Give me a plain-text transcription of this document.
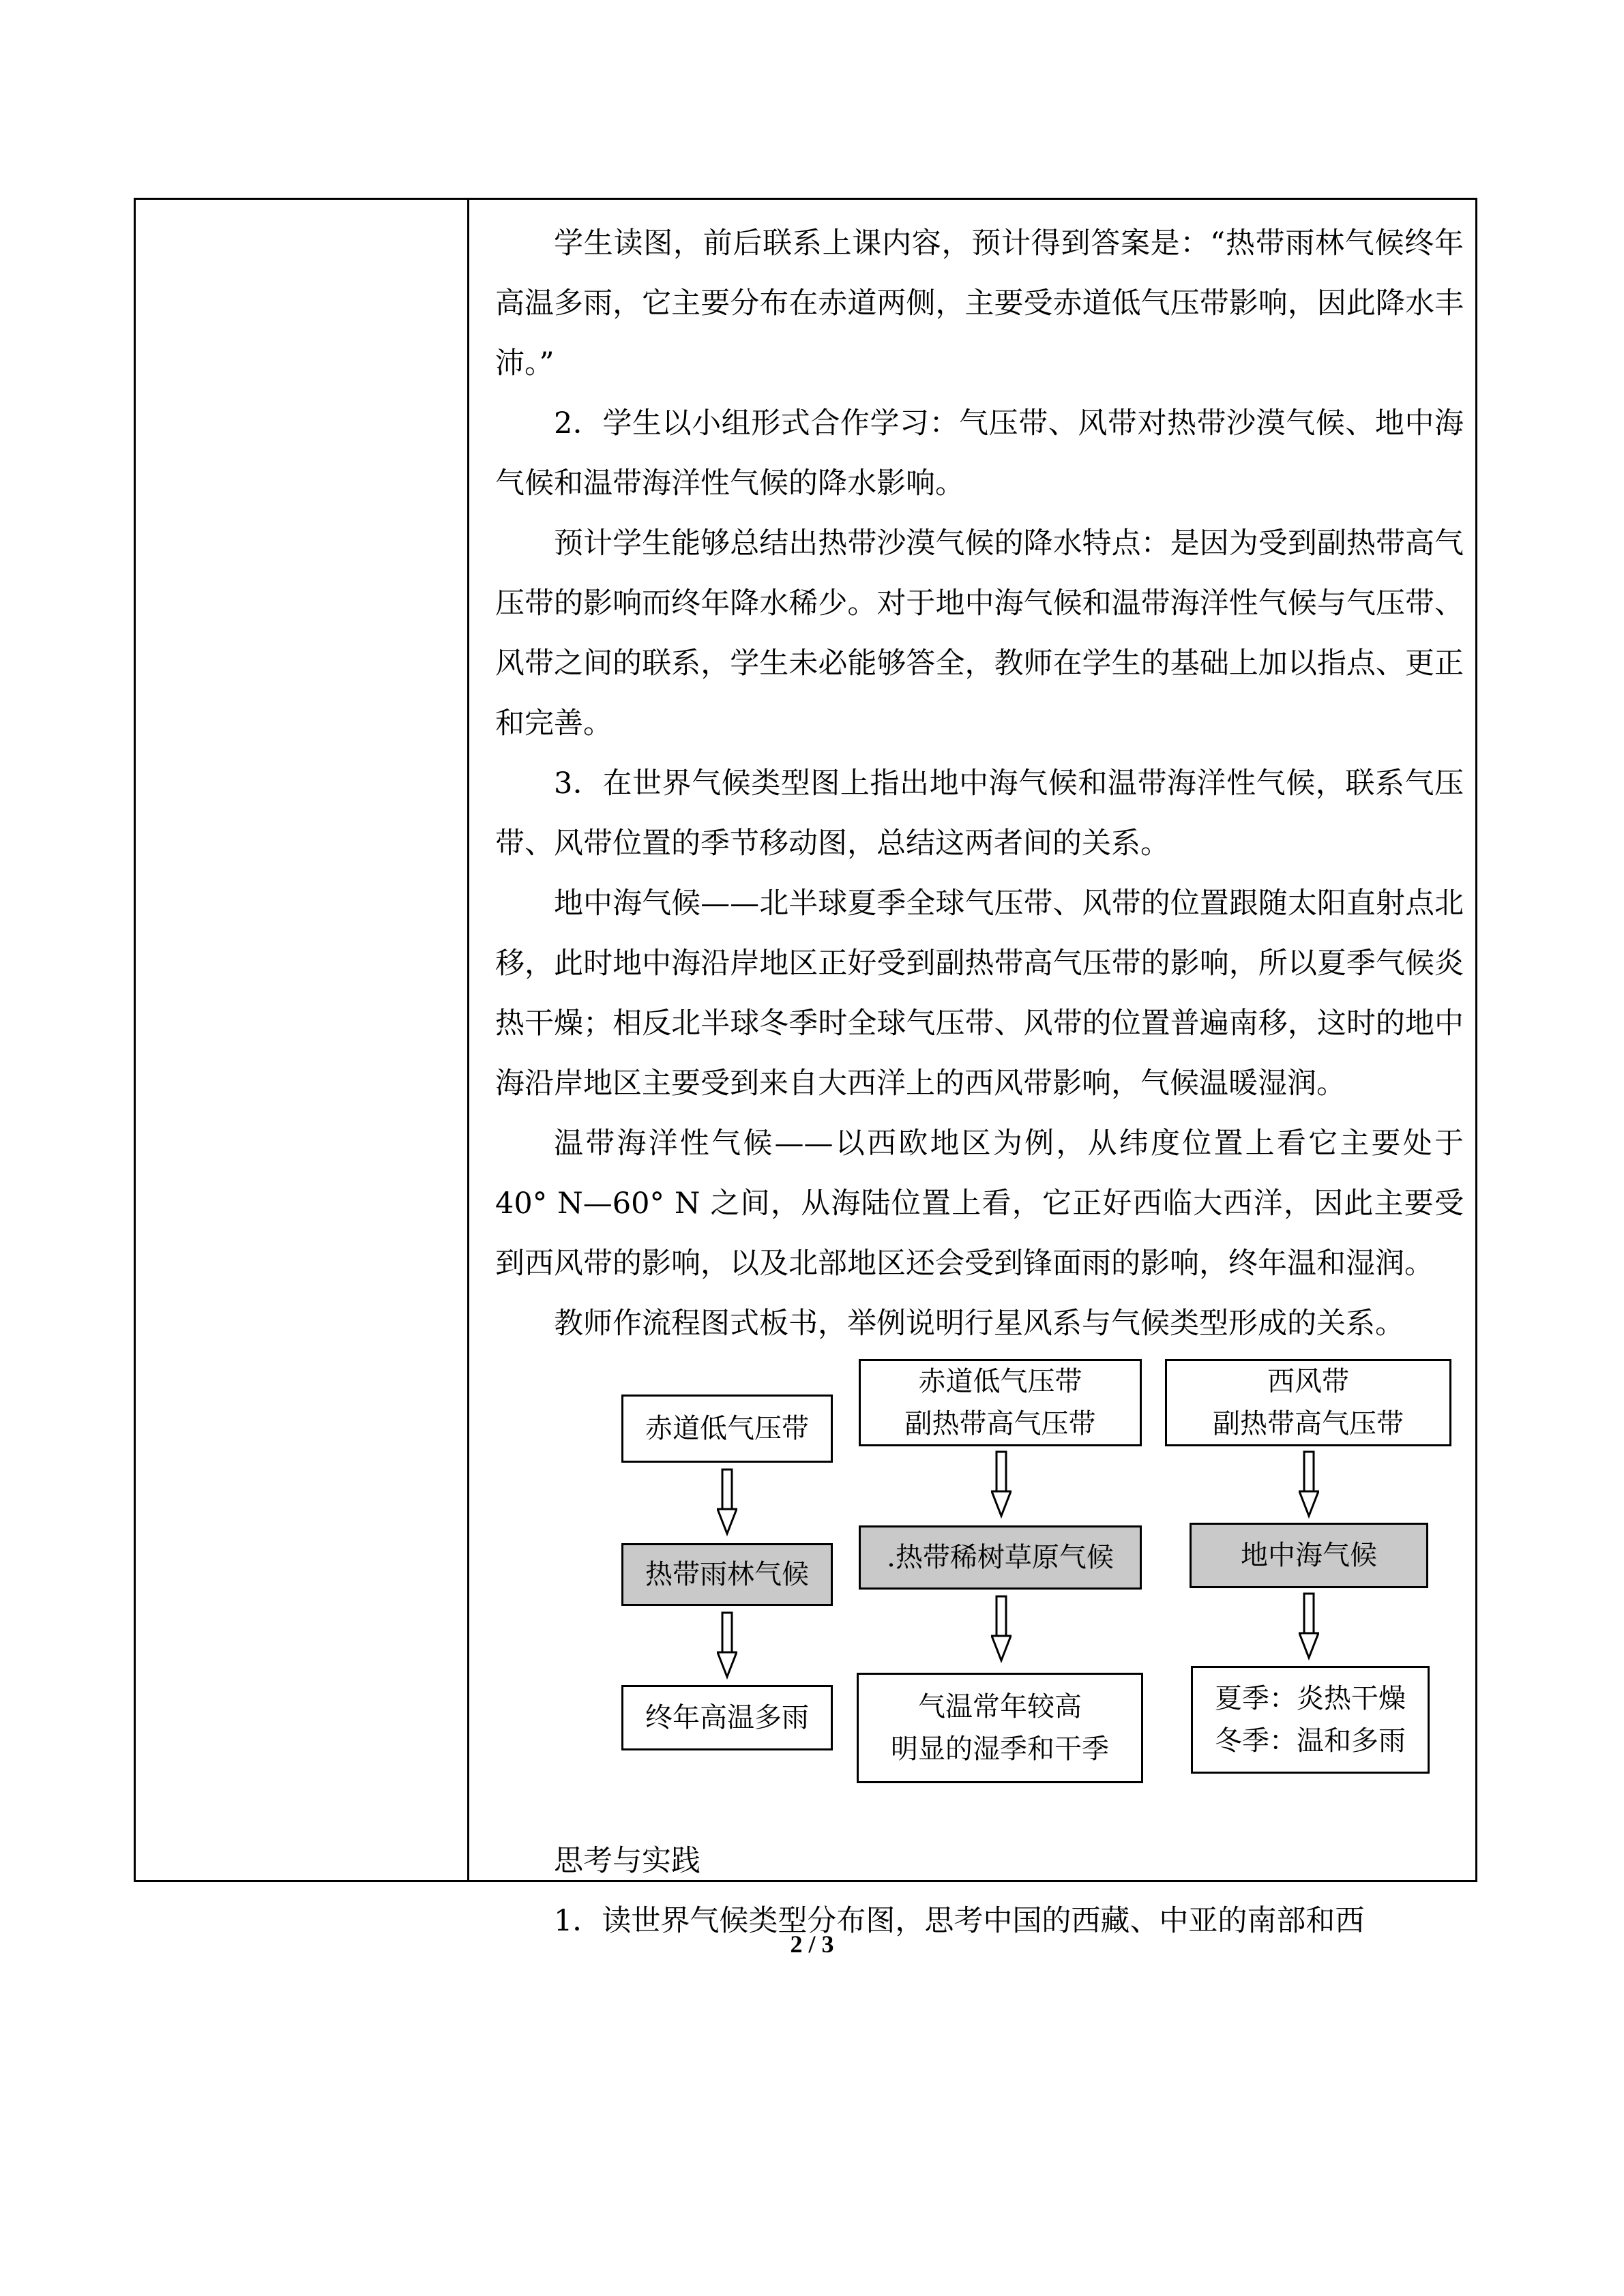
学生读图，前后联系上课内容，预计得到答案是：“热带雨林气候终年高温多雨，它主要分布在赤道两侧，主要受赤道低气压带影响，因此降水丰沛。”

2．学生以小组形式合作学习：气压带、风带对热带沙漠气候、地中海气候和温带海洋性气候的降水影响。

预计学生能够总结出热带沙漠气候的降水特点：是因为受到副热带高气压带的影响而终年降水稀少。对于地中海气候和温带海洋性气候与气压带、风带之间的联系，学生未必能够答全，教师在学生的基础上加以指点、更正和完善。

3．在世界气候类型图上指出地中海气候和温带海洋性气候，联系气压带、风带位置的季节移动图，总结这两者间的关系。

地中海气候——北半球夏季全球气压带、风带的位置跟随太阳直射点北移，此时地中海沿岸地区正好受到副热带高气压带的影响，所以夏季气候炎热干燥；相反北半球冬季时全球气压带、风带的位置普遍南移，这时的地中海沿岸地区主要受到来自大西洋上的西风带影响，气候温暖湿润。

温带海洋性气候——以西欧地区为例，从纬度位置上看它主要处于 40° N—60° N 之间，从海陆位置上看，它正好西临大西洋，因此主要受到西风带的影响，以及北部地区还会受到锋面雨的影响，终年温和湿润。

教师作流程图式板书，举例说明行星风系与气候类型形成的关系。

赤道低气压带
热带雨林气候
终年高温多雨
赤道低气压带
副热带高气压带
.热带稀树草原气候
气温常年较高
明显的湿季和干季
西风带
副热带高气压带
地中海气候
夏季：炎热干燥
冬季：温和多雨

思考与实践

1．读世界气候类型分布图，思考中国的西藏、中亚的南部和西

2 / 3
